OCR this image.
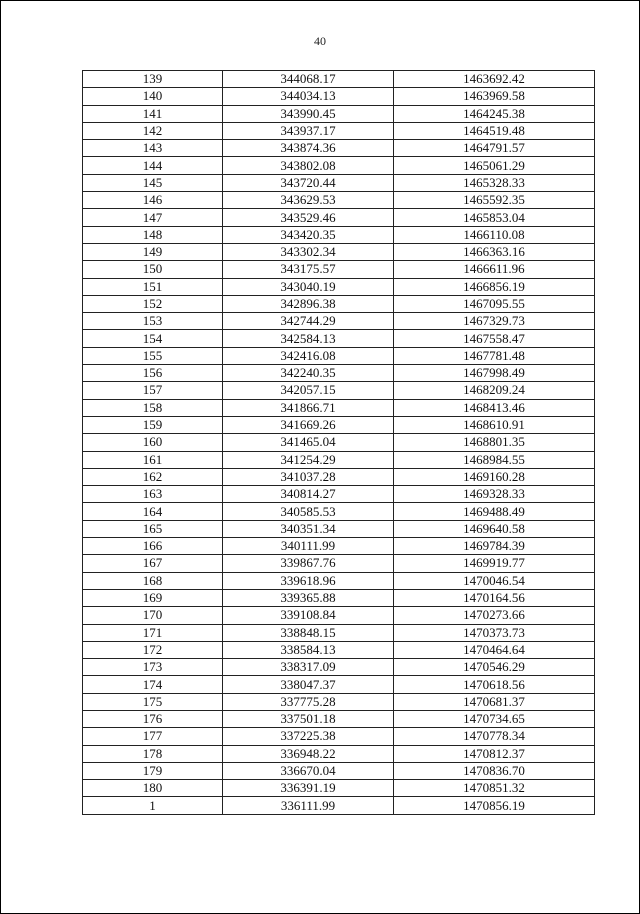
40
139	344068.17	1463692.42
140	344034.13	1463969.58
141	343990.45	1464245.38
142	343937.17	1464519.48
143	343874.36	1464791.57
144	343802.08	1465061.29
145	343720.44	1465328.33
146	343629.53	1465592.35
147	343529.46	1465853.04
148	343420.35	1466110.08
149	343302.34	1466363.16
150	343175.57	1466611.96
151	343040.19	1466856.19
152	342896.38	1467095.55
153	342744.29	1467329.73
154	342584.13	1467558.47
155	342416.08	1467781.48
156	342240.35	1467998.49
157	342057.15	1468209.24
158	341866.71	1468413.46
159	341669.26	1468610.91
160	341465.04	1468801.35
161	341254.29	1468984.55
162	341037.28	1469160.28
163	340814.27	1469328.33
164	340585.53	1469488.49
165	340351.34	1469640.58
166	340111.99	1469784.39
167	339867.76	1469919.77
168	339618.96	1470046.54
169	339365.88	1470164.56
170	339108.84	1470273.66
171	338848.15	1470373.73
172	338584.13	1470464.64
173	338317.09	1470546.29
174	338047.37	1470618.56
175	337775.28	1470681.37
176	337501.18	1470734.65
177	337225.38	1470778.34
178	336948.22	1470812.37
179	336670.04	1470836.70
180	336391.19	1470851.32
1	336111.99	1470856.19
